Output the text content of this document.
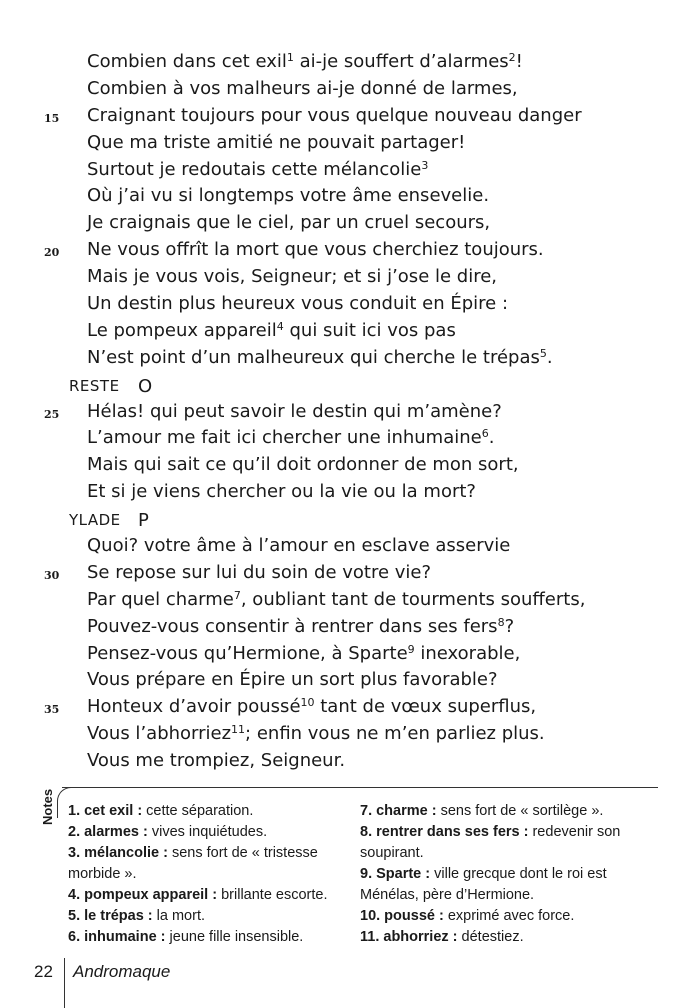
Combien dans cet exil$^1$ ai-je souffert d’alarmes$^2$!
Combien à vos malheurs ai-je donné de larmes,
15 Craignant toujours pour vous quelque nouveau danger
Que ma triste amitié ne pouvait partager!
Surtout je redoutais cette mélancolie$^3$
Où j’ai vu si longtemps votre âme ensevelie.
Je craignais que le ciel, par un cruel secours,
20 Ne vous offrît la mort que vous cherchiez toujours.
Mais je vous vois, Seigneur; et si j’ose le dire,
Un destin plus heureux vous conduit en Épire :
Le pompeux appareil$^4$ qui suit ici vos pas
N’est point d’un malheureux qui cherche le trépas$^5$.
O
RESTE
25 Hélas! qui peut savoir le destin qui m’amène?
L’amour me fait ici chercher une inhumaine$^6$.
Mais qui sait ce qu’il doit ordonner de mon sort,
Et si je viens chercher ou la vie ou la mort?
P
YLADE
Quoi? votre âme à l’amour en esclave asservie
30 Se repose sur lui du soin de votre vie?
Par quel charme$^7$, oubliant tant de tourments soufferts,
Pouvez-vous consentir à rentrer dans ses fers$^8$?
Pensez-vous qu’Hermione, à Sparte$^9$ inexorable,
Vous prépare en Épire un sort plus favorable?
35 Honteux d’avoir poussé$^{10}$ tant de vœux superflus,
Vous l’abhorriez$^{11}$; enfin vous ne m’en parliez plus.
Vous me trompiez, Seigneur.
Notes 1. cet exil : cette séparation.
2. alarmes : vives inquiétudes.
3. mélancolie : sens fort de « tristesse morbide ».
4. pompeux appareil : brillante escorte.
5. le trépas : la mort.
6. inhumaine : jeune fille insensible.
7. charme : sens fort de « sortilège ».
8. rentrer dans ses fers : redevenir son soupirant.
9. Sparte : ville grecque dont le roi est Ménélas, père d’Hermione.
10. poussé : exprimé avec force.
11. abhorriez : détestiez.
22 Andromaque
